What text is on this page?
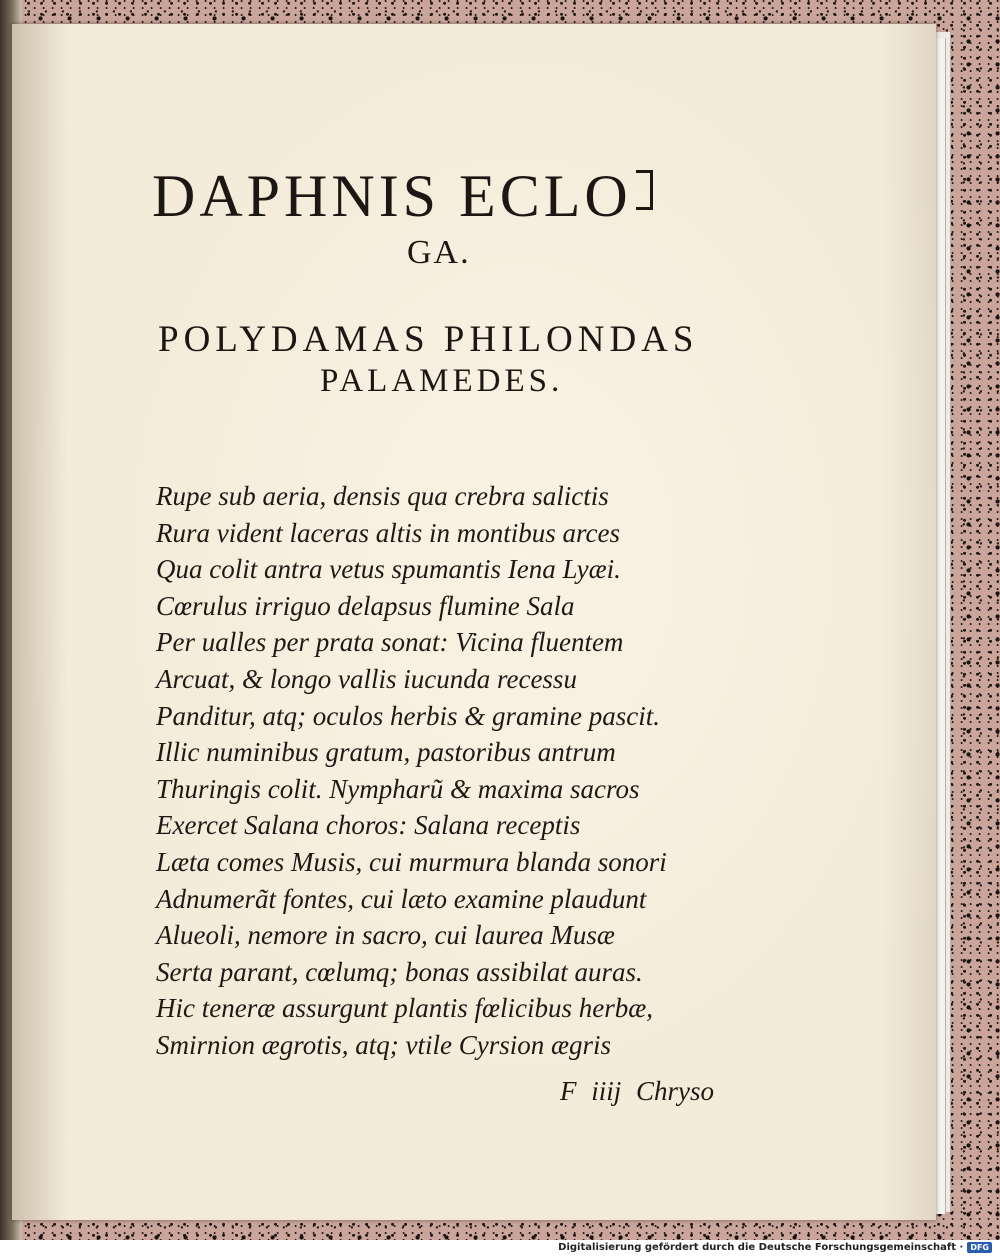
DAPHNIS ECLO
GA.
POLYDAMAS PHILONDAS
PALAMEDES.
Rupe sub aeria, densis qua crebra salictis
Rura vident laceras altis in montibus arces
Qua colit antra vetus spumantis Iena Lyæi.
Cœrulus irriguo delapsus flumine Sala
Per ualles per prata sonat: Vicina fluentem
Arcuat, & longo vallis iucunda recessu
Panditur, atq; oculos herbis & gramine pascit.
Illic numinibus gratum, pastoribus antrum
Thuringis colit. Nympharũ & maxima sacros
Exercet Salana choros: Salana receptis
Læta comes Musis, cui murmura blanda sonori
Adnumerãt fontes, cui læto examine plaudunt
Alueoli, nemore in sacro, cui laurea Musæ
Serta parant, cœlumq; bonas assibilat auras.
Hic teneræ assurgunt plantis fœlicibus herbæ,
Smirnion ægrotis, atq; vtile Cyrsion ægris
F iiij Chryso
Digitalisierung gefördert durch die Deutsche Forschungsgemeinschaft · DFG
